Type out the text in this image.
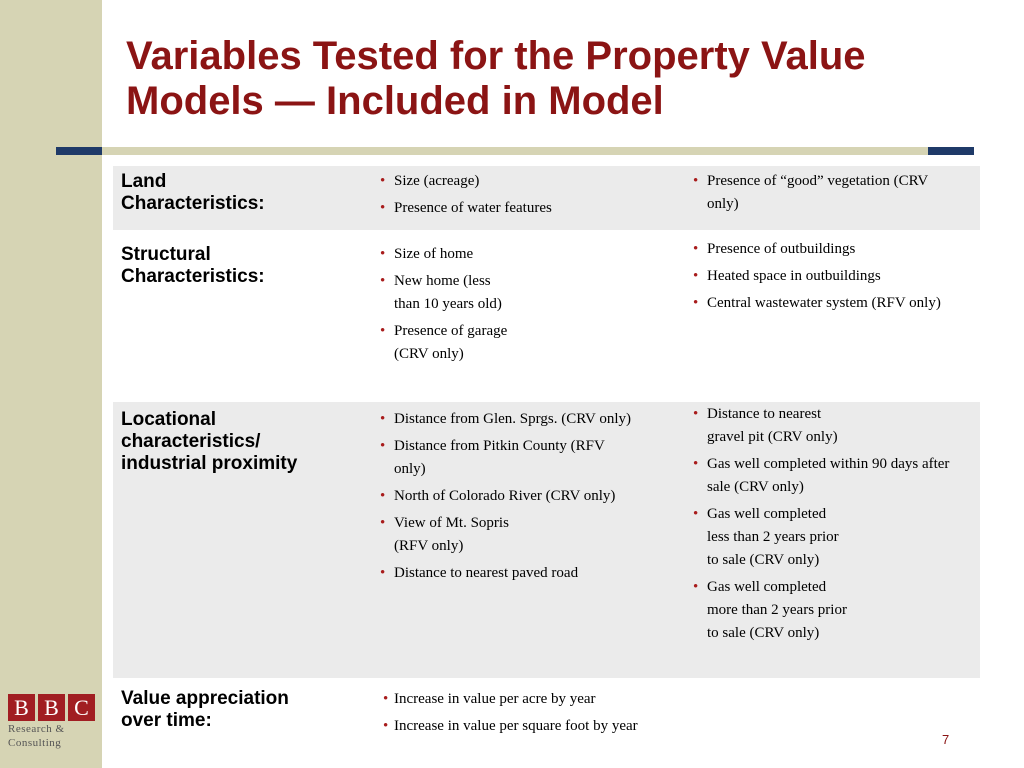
Variables Tested for the Property Value
Models — Included in Model
Land
Characteristics:
• Size (acreage)
• Presence of water features
• Presence of “good” vegetation (CRV
only)
Structural
Characteristics:
• Size of home
• New home (less
than 10 years old)
• Presence of garage
(CRV only)
• Presence of outbuildings
• Heated space in outbuildings
• Central wastewater system (RFV only)
Locational
characteristics/
industrial proximity
• Distance from Glen. Sprgs. (CRV only)
• Distance from Pitkin County (RFV
only)
• North of Colorado River (CRV only)
• View of Mt. Sopris
(RFV only)
• Distance to nearest paved road
• Distance to nearest
gravel pit (CRV only)
• Gas well completed within 90 days after
sale (CRV only)
• Gas well completed
less than 2 years prior
to sale (CRV only)
• Gas well completed
more than 2 years prior
to sale (CRV only)
Value appreciation
over time:
• Increase in value per acre by year
• Increase in value per square foot by year
B B C
Research &
Consulting	7
